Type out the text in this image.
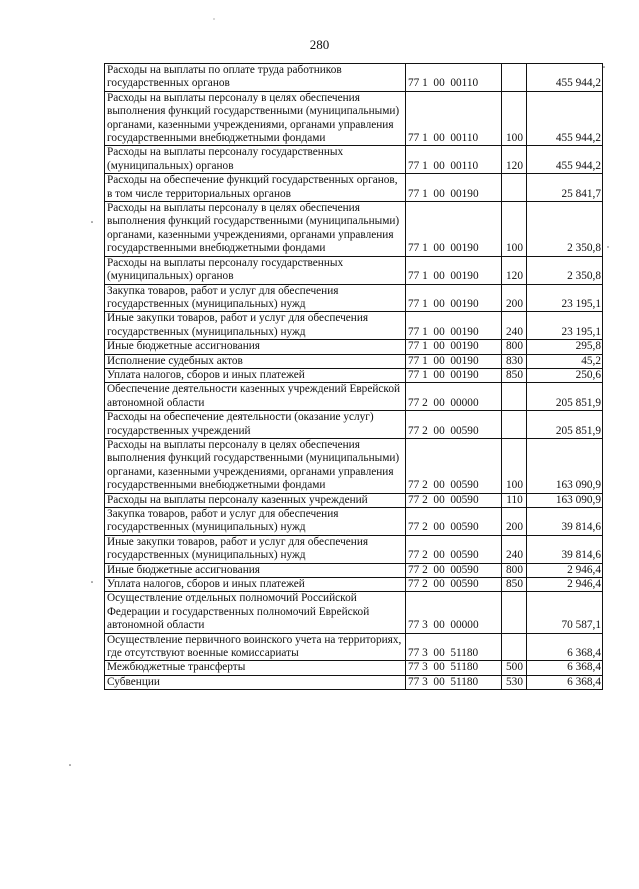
280
Расходы на выплаты по оплате труда работников государственных органов	77 1  00  00110		455 944,2
Расходы на выплаты персоналу в целях обеспечения выполнения функций государственными (муниципальными) органами, казенными учреждениями, органами управления государственными внебюджетными фондами	77 1  00  00110	100	455 944,2
Расходы на выплаты персоналу государственных (муниципальных) органов	77 1  00  00110	120	455 944,2
Расходы на обеспечение функций государственных органов, в том числе территориальных органов	77 1  00  00190		25 841,7
Расходы на выплаты персоналу в целях обеспечения выполнения функций государственными (муниципальными) органами, казенными учреждениями, органами управления государственными внебюджетными фондами	77 1  00  00190	100	2 350,8
Расходы на выплаты персоналу государственных (муниципальных) органов	77 1  00  00190	120	2 350,8
Закупка товаров, работ и услуг для обеспечения государственных (муниципальных) нужд	77 1  00  00190	200	23 195,1
Иные закупки товаров, работ и услуг для обеспечения государственных (муниципальных) нужд	77 1  00  00190	240	23 195,1
Иные бюджетные ассигнования	77 1  00  00190	800	295,8
Исполнение судебных актов	77 1  00  00190	830	45,2
Уплата налогов, сборов и иных платежей	77 1  00  00190	850	250,6
Обеспечение деятельности казенных учреждений Еврейской автономной области	77 2  00  00000		205 851,9
Расходы на обеспечение деятельности (оказание услуг) государственных учреждений	77 2  00  00590		205 851,9
Расходы на выплаты персоналу в целях обеспечения выполнения функций государственными (муниципальными) органами, казенными учреждениями, органами управления государственными внебюджетными фондами	77 2  00  00590	100	163 090,9
Расходы на выплаты персоналу казенных учреждений	77 2  00  00590	110	163 090,9
Закупка товаров, работ и услуг для обеспечения государственных (муниципальных) нужд	77 2  00  00590	200	39 814,6
Иные закупки товаров, работ и услуг для обеспечения государственных (муниципальных) нужд	77 2  00  00590	240	39 814,6
Иные бюджетные ассигнования	77 2  00  00590	800	2 946,4
Уплата налогов, сборов и иных платежей	77 2  00  00590	850	2 946,4
Осуществление отдельных полномочий Российской Федерации и государственных полномочий Еврейской автономной области	77 3  00  00000		70 587,1
Осуществление первичного воинского учета на территориях, где отсутствуют военные комиссариаты	77 3  00  51180		6 368,4
Межбюджетные трансферты	77 3  00  51180	500	6 368,4
Субвенции	77 3  00  51180	530	6 368,4
